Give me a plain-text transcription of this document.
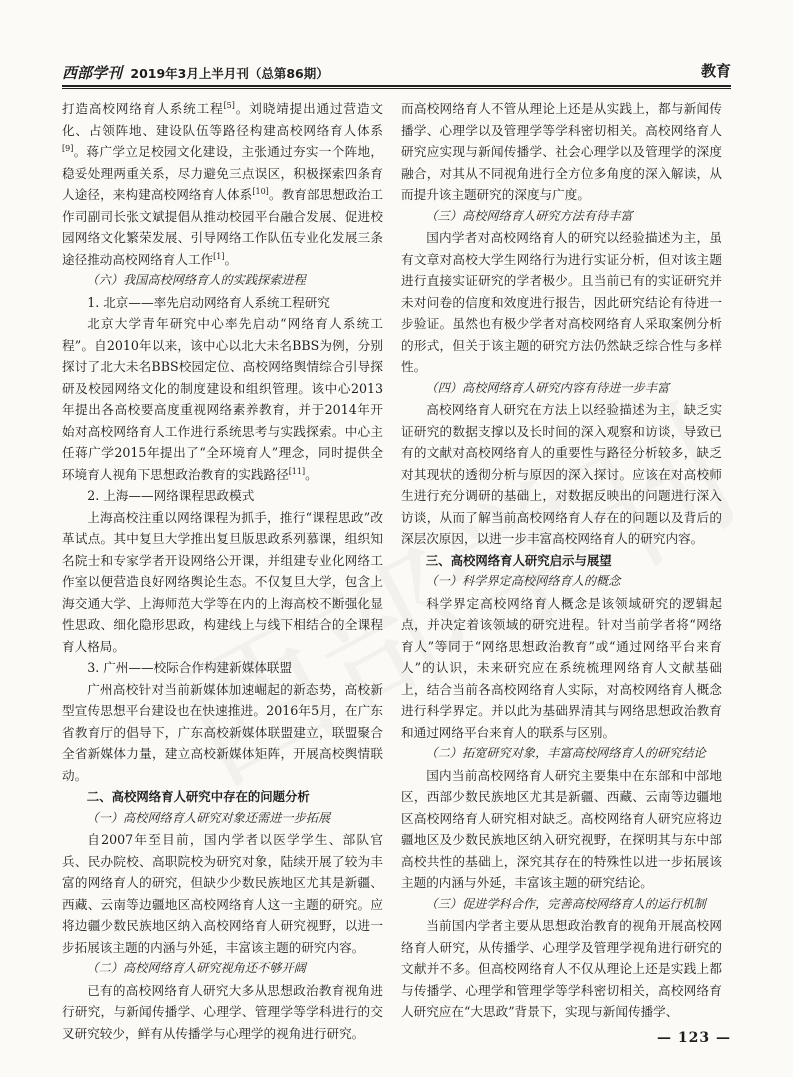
西部学刊 2019年3月上半月刊（总第86期）	教育
打造高校网络育人系统工程[5]。刘晓靖提出通过营造文化、占领阵地、建设队伍等路径构建高校网络育人体系[9]。蒋广学立足校园文化建设，主张通过夯实一个阵地，稳妥处理两重关系，尽力避免三点误区，积极探索四条育人途径，来构建高校网络育人体系[10]。教育部思想政治工作司副司长张文斌提倡从推动校园平台融合发展、促进校园网络文化繁荣发展、引导网络工作队伍专业化发展三条途径推动高校网络育人工作[1]。
（六）我国高校网络育人的实践探索进程
1. 北京——率先启动网络育人系统工程研究
北京大学青年研究中心率先启动“网络育人系统工程”。自2010年以来，该中心以北大未名BBS为例，分别探讨了北大未名BBS校园定位、高校网络舆情综合引导探研及校园网络文化的制度建设和组织管理。该中心2013年提出各高校要高度重视网络素养教育，并于2014年开始对高校网络育人工作进行系统思考与实践探索。中心主任蒋广学2015年提出了“全环境育人”理念，同时提供全环境育人视角下思想政治教育的实践路径[11]。
2. 上海——网络课程思政模式
上海高校注重以网络课程为抓手，推行“课程思政”改革试点。其中复旦大学推出复旦版思政系列慕课，组织知名院士和专家学者开设网络公开课，并组建专业化网络工作室以便营造良好网络舆论生态。不仅复旦大学，包含上海交通大学、上海师范大学等在内的上海高校不断强化显性思政、细化隐形思政，构建线上与线下相结合的全课程育人格局。
3. 广州——校际合作构建新媒体联盟
广州高校针对当前新媒体加速崛起的新态势，高校新型宣传思想平台建设也在快速推进。2016年5月，在广东省教育厅的倡导下，广东高校新媒体联盟建立，联盟聚合全省新媒体力量，建立高校新媒体矩阵，开展高校舆情联动。
二、高校网络育人研究中存在的问题分析
（一）高校网络育人研究对象还需进一步拓展
自2007年至目前，国内学者以医学学生、部队官兵、民办院校、高职院校为研究对象，陆续开展了较为丰富的网络育人的研究，但缺少少数民族地区尤其是新疆、西藏、云南等边疆地区高校网络育人这一主题的研究。应将边疆少数民族地区纳入高校网络育人研究视野，以进一步拓展该主题的内涵与外延，丰富该主题的研究内容。
（二）高校网络育人研究视角还不够开阔
已有的高校网络育人研究大多从思想政治教育视角进行研究，与新闻传播学、心理学、管理学等学科进行的交叉研究较少，鲜有从传播学与心理学的视角进行研究。
而高校网络育人不管从理论上还是从实践上，都与新闻传播学、心理学以及管理学等学科密切相关。高校网络育人研究应实现与新闻传播学、社会心理学以及管理学的深度融合，对其从不同视角进行全方位多角度的深入解读，从而提升该主题研究的深度与广度。
（三）高校网络育人研究方法有待丰富
国内学者对高校网络育人的研究以经验描述为主，虽有文章对高校大学生网络行为进行实证分析，但对该主题进行直接实证研究的学者极少。且当前已有的实证研究并未对问卷的信度和效度进行报告，因此研究结论有待进一步验证。虽然也有极少学者对高校网络育人采取案例分析的形式，但关于该主题的研究方法仍然缺乏综合性与多样性。
（四）高校网络育人研究内容有待进一步丰富
高校网络育人研究在方法上以经验描述为主，缺乏实证研究的数据支撑以及长时间的深入观察和访谈，导致已有的文献对高校网络育人的重要性与路径分析较多，缺乏对其现状的透彻分析与原因的深入探讨。应该在对高校师生进行充分调研的基础上，对数据反映出的问题进行深入访谈，从而了解当前高校网络育人存在的问题以及背后的深层次原因，以进一步丰富高校网络育人的研究内容。
三、高校网络育人研究启示与展望
（一）科学界定高校网络育人的概念
科学界定高校网络育人概念是该领域研究的逻辑起点，并决定着该领域的研究进程。针对当前学者将“网络育人”等同于“网络思想政治教育”或“通过网络平台来育人”的认识，未来研究应在系统梳理网络育人文献基础上，结合当前各高校网络育人实际，对高校网络育人概念进行科学界定。并以此为基础界清其与网络思想政治教育和通过网络平台来育人的联系与区别。
（二）拓宽研究对象，丰富高校网络育人的研究结论
国内当前高校网络育人研究主要集中在东部和中部地区，西部少数民族地区尤其是新疆、西藏、云南等边疆地区高校网络育人研究相对缺乏。高校网络育人研究应将边疆地区及少数民族地区纳入研究视野，在探明其与东中部高校共性的基础上，深究其存在的特殊性以进一步拓展该主题的内涵与外延，丰富该主题的研究结论。
（三）促进学科合作，完善高校网络育人的运行机制
当前国内学者主要从思想政治教育的视角开展高校网络育人研究，从传播学、心理学及管理学视角进行研究的文献并不多。但高校网络育人不仅从理论上还是实践上都与传播学、心理学和管理学等学科密切相关，高校网络育人研究应在“大思政”背景下，实现与新闻传播学、
— 123 —
